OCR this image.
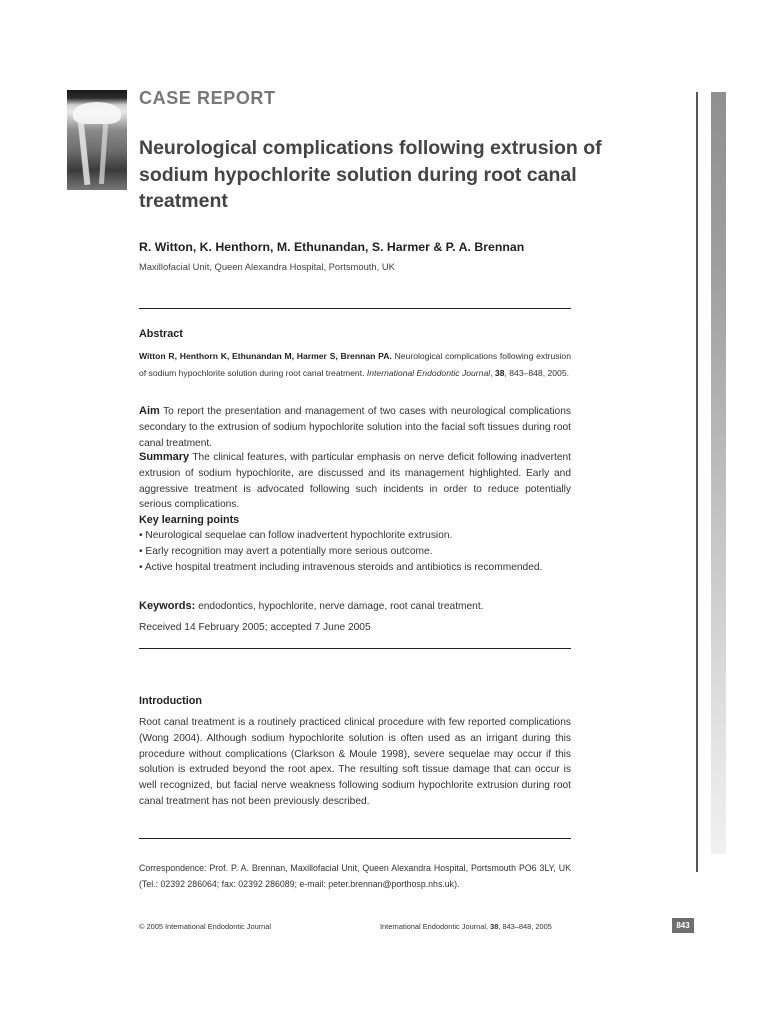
CASE REPORT
Neurological complications following extrusion of sodium hypochlorite solution during root canal treatment
R. Witton, K. Henthorn, M. Ethunandan, S. Harmer & P. A. Brennan
Maxillofacial Unit, Queen Alexandra Hospital, Portsmouth, UK
Abstract
Witton R, Henthorn K, Ethunandan M, Harmer S, Brennan PA. Neurological complications following extrusion of sodium hypochlorite solution during root canal treatment. International Endodontic Journal, 38, 843–848, 2005.
Aim To report the presentation and management of two cases with neurological complications secondary to the extrusion of sodium hypochlorite solution into the facial soft tissues during root canal treatment.
Summary The clinical features, with particular emphasis on nerve deficit following inadvertent extrusion of sodium hypochlorite, are discussed and its management highlighted. Early and aggressive treatment is advocated following such incidents in order to reduce potentially serious complications.
Key learning points
• Neurological sequelae can follow inadvertent hypochlorite extrusion.
• Early recognition may avert a potentially more serious outcome.
• Active hospital treatment including intravenous steroids and antibiotics is recommended.
Keywords: endodontics, hypochlorite, nerve damage, root canal treatment.
Received 14 February 2005; accepted 7 June 2005
Introduction
Root canal treatment is a routinely practiced clinical procedure with few reported complications (Wong 2004). Although sodium hypochlorite solution is often used as an irrigant during this procedure without complications (Clarkson & Moule 1998), severe sequelae may occur if this solution is extruded beyond the root apex. The resulting soft tissue damage that can occur is well recognized, but facial nerve weakness following sodium hypochlorite extrusion during root canal treatment has not been previously described.
Correspondence: Prof. P. A. Brennan, Maxillofacial Unit, Queen Alexandra Hospital, Portsmouth PO6 3LY, UK (Tel.: 02392 286064; fax: 02392 286089; e-mail: peter.brennan@porthosp.nhs.uk).
© 2005 International Endodontic Journal	International Endodontic Journal, 38, 843–848, 2005	843
